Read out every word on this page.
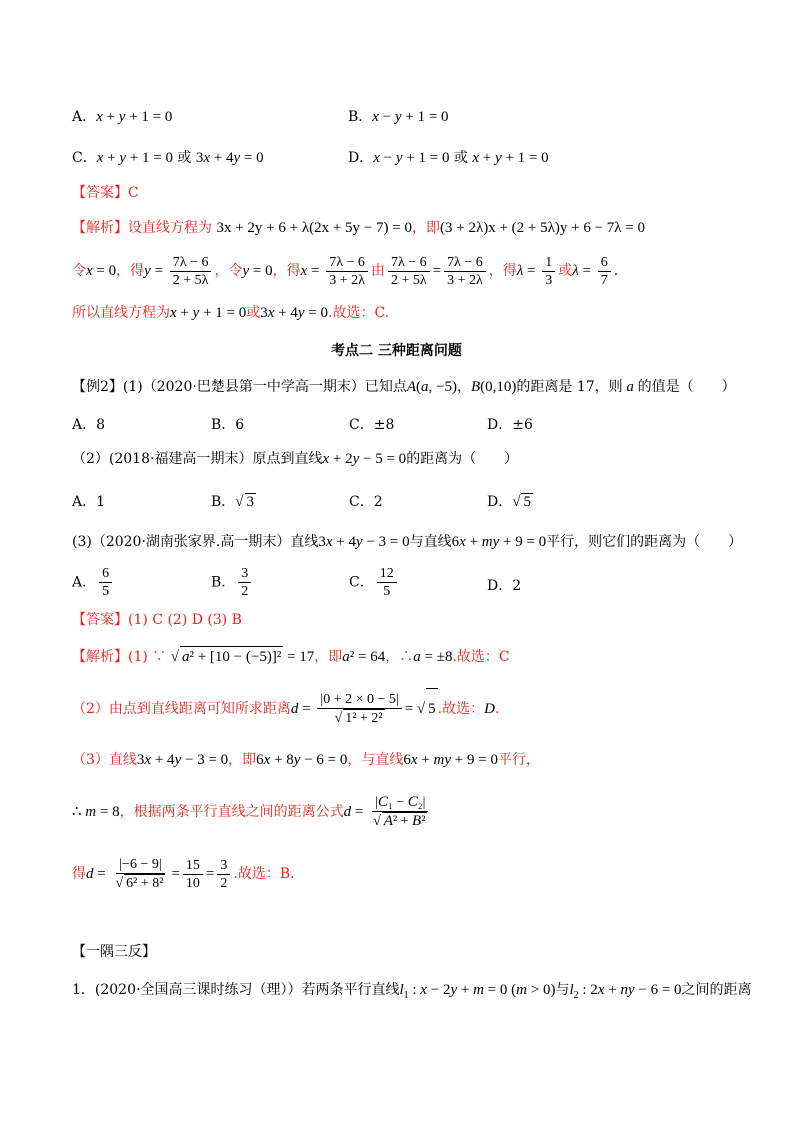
A．x + y + 1 = 0	B．x − y + 1 = 0
C．x + y + 1 = 0 或 3x + 4y = 0	D．x − y + 1 = 0 或 x + y + 1 = 0
A
【答案】C
【解析】设直线方程为 3x + 2y + 6 + λ(2x + 5y − 7) = 0，即(3 + 2λ)x + (2 + 5λ)y + 6 − 7λ = 0
令x = 0，得$y = \frac{7\lambda - 6}{2 + 5\lambda}$ ，令y = 0，得$x = \frac{7\lambda - 6}{3 + 2\lambda}$ 由 $\frac{7\lambda - 6}{2 + 5\lambda} = \frac{7\lambda - 6}{3 + 2\lambda}$ ，得$\lambda = \frac{1}{3}$ 或$\lambda = \frac{6}{7}$ .
所以直线方程为x + y + 1 = 0或3x + 4y = 0.故选：C.
考点二 三种距离问题
【例2】(1)（2020·巴楚县第一中学高一期末）已知点A(a, −5)，B(0,10)的距离是 17，则 a 的值是（　　）
A．8	B．6	C．±8	D．±6
（2）(2018·福建高一期末）原点到直线x + 2y − 5 = 0的距离为（　　）
A．1	B．√ 3	C．2	D．√ 5
(3)（2020·湖南张家界.高一期末）直线3x + 4y − 3 = 0与直线6x + my + 9 = 0平行，则它们的距离为（　　）
A． $\frac{6}{5}$	B． $\frac{3}{2}$	C． $\frac{12}{5}$	D．2
【答案】(1) C (2) D (3) B
【解析】(1) ∵ √ a² + [10 − (−5)]² = 17，即a² = 64，∴a = ±8.故选：C
（2）由点到直线距离可知所求距离$d = \frac{|0 + 2 \times 0 - 5|}{\text{√ 1² + 2²}}$ = √ 5 .故选：D.
（3）直线3x + 4y − 3 = 0，即6x + 8y − 6 = 0，与直线6x + my + 9 = 0平行，
∴ m = 8，根据两条平行直线之间的距离公式$d = \frac{\text{|C₁ − C₂|}}{\text{√ A² + B²}}$
得$d = \frac{|-6 - 9|}{\text{√ 6² + 8²}} = \frac{15}{10} = \frac{3}{2}$ .故选：B.
【一隅三反】
1．(2020·全国高三课时练习（理））若两条平行直线$l_1$ : x − 2y + m = 0 (m > 0)与$l_2$ : 2x + ny − 6 = 0之间的距离
